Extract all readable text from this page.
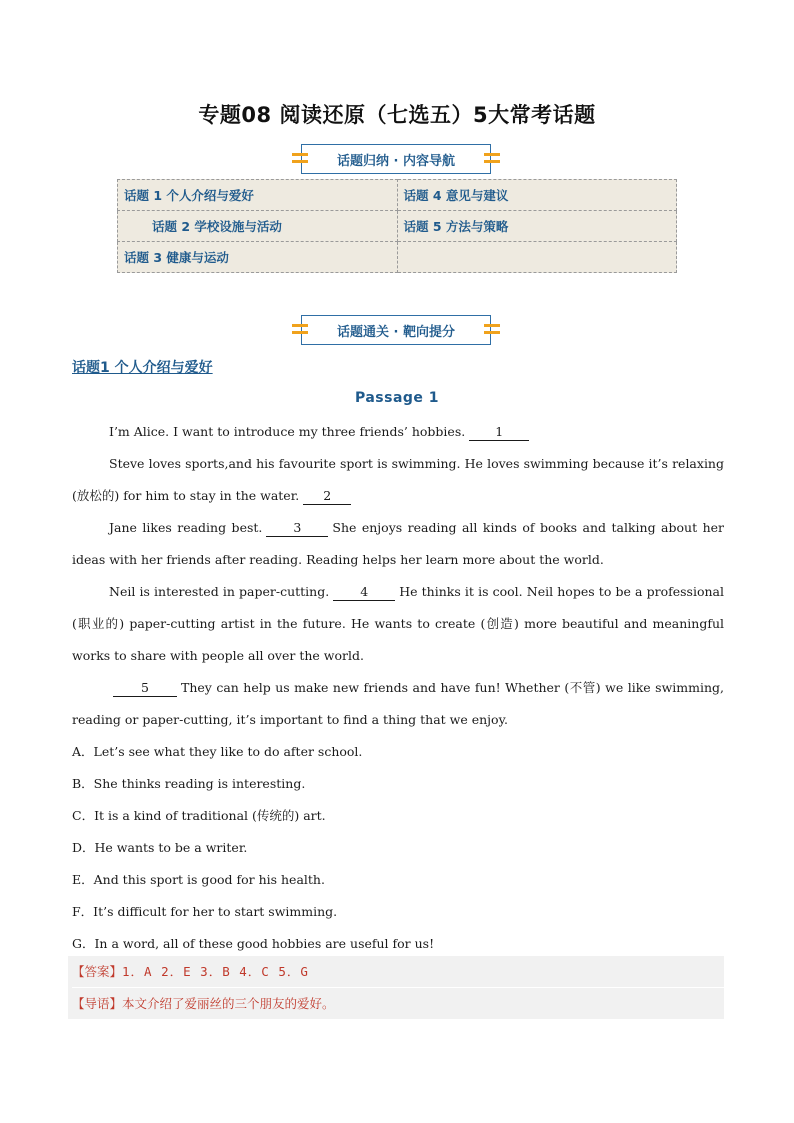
专题08 阅读还原（七选五）5大常考话题
话题归纳 · 内容导航
话题 1 个人介绍与爱好	话题 4 意见与建议
话题 2 学校设施与活动	话题 5 方法与策略
话题 3 健康与运动	
话题通关 · 靶向提分
话题1 个人介绍与爱好
Passage 1

I’m Alice. I want to introduce my three friends’ hobbies. 1

Steve loves sports,and his favourite sport is swimming. He loves swimming because it’s relaxing (放松的) for him to stay in the water. 2

Jane likes reading best. 3 She enjoys reading all kinds of books and talking about her ideas with her friends after reading. Reading helps her learn more about the world.

Neil is interested in paper-cutting. 4 He thinks it is cool. Neil hopes to be a professional (职业的) paper-cutting artist in the future. He wants to create (创造) more beautiful and meaningful works to share with people all over the world.

5	They can help us make new friends and have fun! Whether (不管) we like swimming, reading or paper-cutting, it’s important to find a thing that we enjoy.

A．Let’s see what they like to do after school.

B．She thinks reading is interesting.

C．It is a kind of traditional (传统的) art.

D．He wants to be a writer.

E．And this sport is good for his health.

F．It’s difficult for her to start swimming.

G．In a word, all of these good hobbies are useful for us!

【答案】1．A 2．E 3．B 4．C 5．G
【导语】本文介绍了爱丽丝的三个朋友的爱好。
